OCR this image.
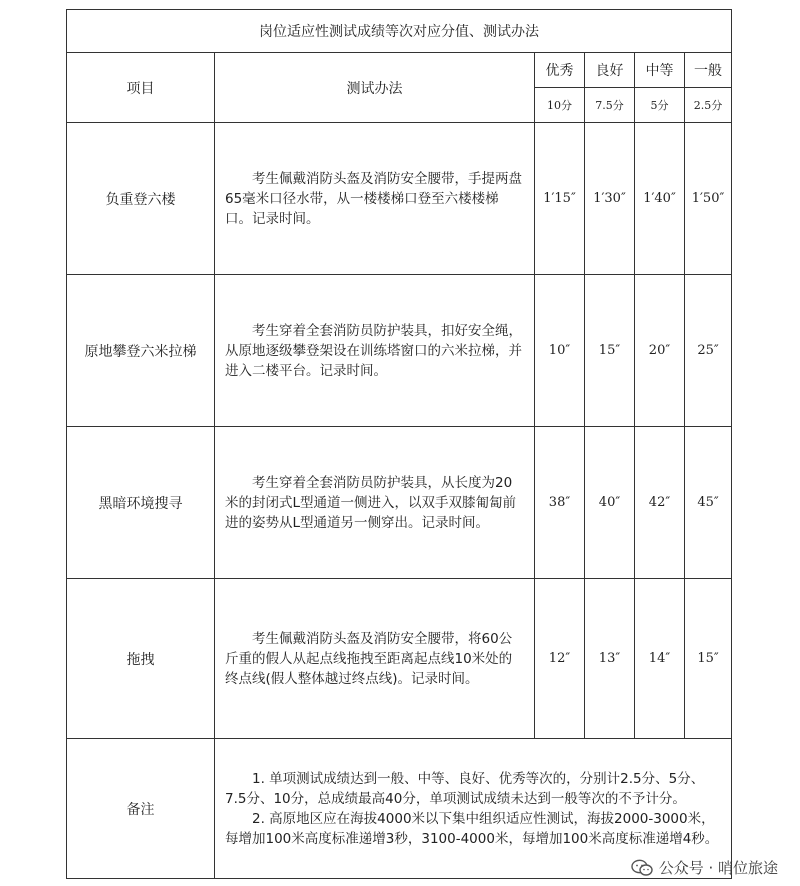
岗位适应性测试成绩等次对应分值、测试办法					
项目	测试办法	优秀	良好	中等	一般
		10分	7.5分	5分	2.5分
负重登六楼	考生佩戴消防头盔及消防安全腰带，手提两盘65毫米口径水带，从一楼楼梯口登至六楼楼梯口。记录时间。	1′15″	1′30″	1′40″	1′50″
原地攀登六米拉梯	考生穿着全套消防员防护装具，扣好安全绳，从原地逐级攀登架设在训练塔窗口的六米拉梯，并进入二楼平台。记录时间。	10″	15″	20″	25″
黑暗环境搜寻	考生穿着全套消防员防护装具，从长度为20米的封闭式L型通道一侧进入，以双手双膝匍匐前进的姿势从L型通道另一侧穿出。记录时间。	38″	40″	42″	45″
拖拽	考生佩戴消防头盔及消防安全腰带，将60公斤重的假人从起点线拖拽至距离起点线10米处的终点线(假人整体越过终点线)。记录时间。	12″	13″	14″	15″
备注	1. 单项测试成绩达到一般、中等、良好、优秀等次的，分别计2.5分、5分、7.5分、10分，总成绩最高40分，单项测试成绩未达到一般等次的不予计分。

2. 高原地区应在海拔4000米以下集中组织适应性测试，海拔2000-3000米，每增加100米高度标准递增3秒，3100-4000米，每增加100米高度标准递增4秒。				

公众号 · 哨位旅途
